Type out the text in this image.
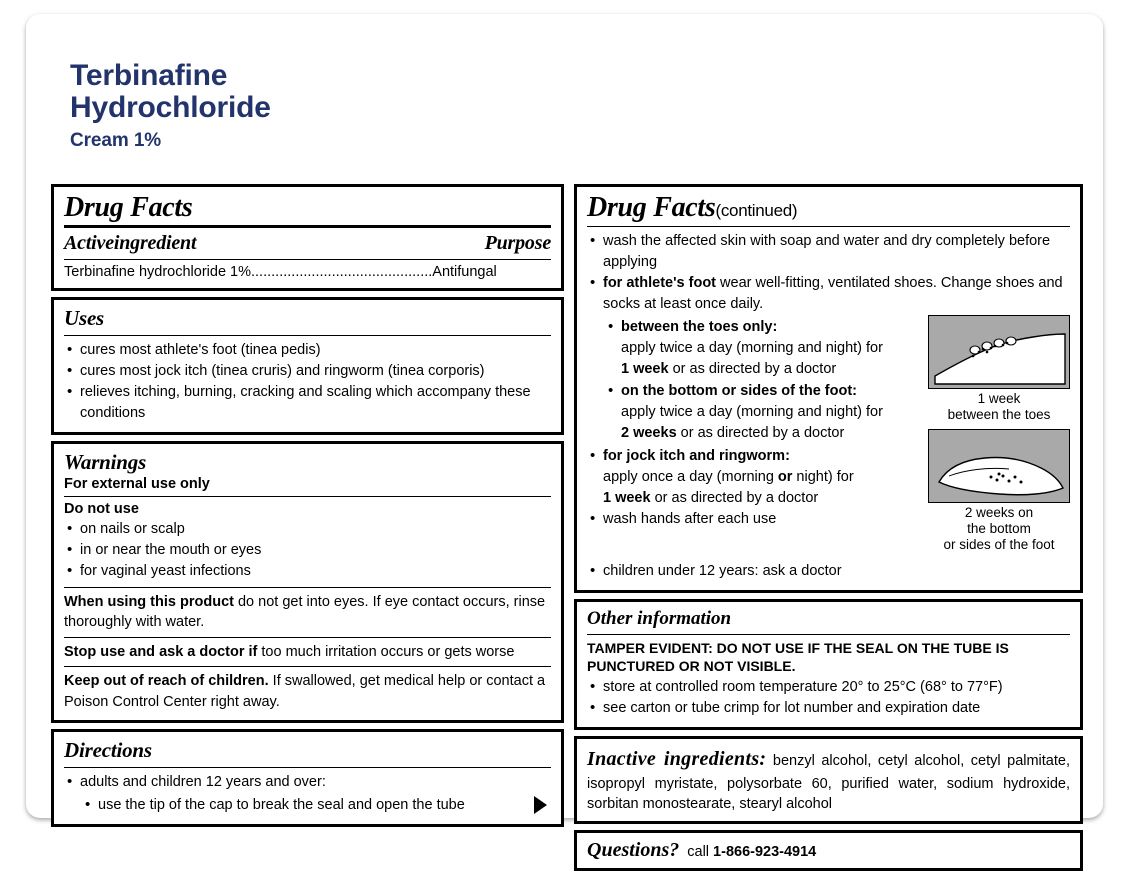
Terbinafine
Hydrochloride
Cream 1%
Drug Facts
Activeingredient	Purpose
Terbinafine hydrochloride 1%.............................................Antifungal
Uses
• cures most athlete's foot (tinea pedis)
• cures most jock itch (tinea cruris) and ringworm (tinea corporis)
• relieves itching, burning, cracking and scaling which accompany these conditions
Warnings
For external use only
Do not use
• on nails or scalp
• in or near the mouth or eyes
• for vaginal yeast infections
When using this product do not get into eyes. If eye contact occurs, rinse thoroughly with water.
Stop use and ask a doctor if too much irritation occurs or gets worse
Keep out of reach of children. If swallowed, get medical help or contact a Poison Control Center right away.
Directions
• adults and children 12 years and over:
• use the tip of the cap to break the seal and open the tube
Drug Facts(continued)
• wash the affected skin with soap and water and dry completely before applying
• for athlete's foot wear well-fitting, ventilated shoes. Change shoes and socks at least once daily.
• between the toes only:
apply twice a day (morning and night) for
1 week or as directed by a doctor
• on the bottom or sides of the foot:
apply twice a day (morning and night) for
2 weeks or as directed by a doctor
• for jock itch and ringworm:
apply once a day (morning or night) for
1 week or as directed by a doctor
• wash hands after each use
1 week
between the toes
2 weeks on
the bottom
or sides of the foot
• children under 12 years: ask a doctor
Other information
TAMPER EVIDENT: DO NOT USE IF THE SEAL ON THE TUBE IS PUNCTURED OR NOT VISIBLE.
• store at controlled room temperature 20° to 25°C (68° to 77°F)
• see carton or tube crimp for lot number and expiration date
Inactive ingredients: benzyl alcohol, cetyl alcohol, cetyl palmitate, isopropyl myristate, polysorbate 60, purified water, sodium hydroxide, sorbitan monostearate, stearyl alcohol
Questions? call 1-866-923-4914
